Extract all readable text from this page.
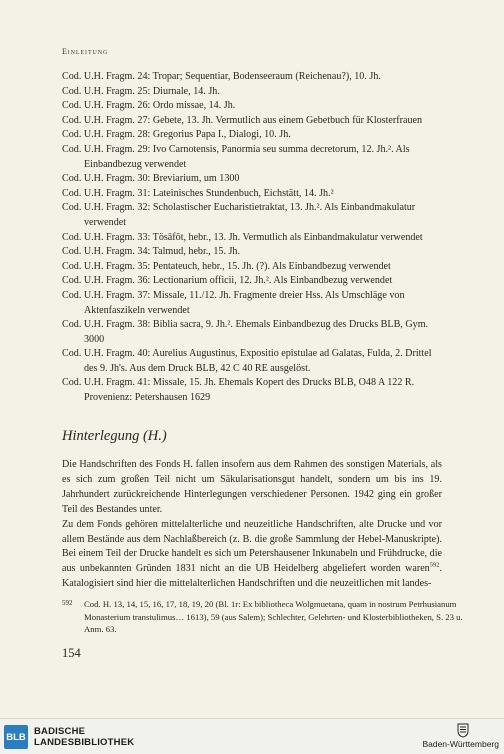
Einleitung

Cod. U.H. Fragm. 24: Tropar; Sequentiar, Bodenseeraum (Reichenau?), 10. Jh.

Cod. U.H. Fragm. 25: Diurnale, 14. Jh.

Cod. U.H. Fragm. 26: Ordo missae, 14. Jh.

Cod. U.H. Fragm. 27: Gebete, 13. Jh. Vermutlich aus einem Gebetbuch für Klosterfrauen

Cod. U.H. Fragm. 28: Gregorius Papa I., Dialogi, 10. Jh.

Cod. U.H. Fragm. 29: Ivo Carnotensis, Panormia seu summa decretorum, 12. Jh.². Als Einbandbezug verwendet

Cod. U.H. Fragm. 30: Breviarium, um 1300

Cod. U.H. Fragm. 31: Lateinisches Stundenbuch, Eichstätt, 14. Jh.²

Cod. U.H. Fragm. 32: Scholastischer Eucharistietraktat, 13. Jh.². Als Einbandmakulatur verwendet

Cod. U.H. Fragm. 33: Tösāfōt, hebr., 13. Jh. Vermutlich als Einbandmakulatur verwendet

Cod. U.H. Fragm. 34: Talmud, hebr., 15. Jh.

Cod. U.H. Fragm. 35: Pentateuch, hebr., 15. Jh. (?). Als Einbandbezug verwendet

Cod. U.H. Fragm. 36: Lectionarium officii, 12. Jh.². Als Einbandbezug verwendet

Cod. U.H. Fragm. 37: Missale, 11./12. Jh. Fragmente dreier Hss. Als Umschläge von Aktenfaszikeln verwendet

Cod. U.H. Fragm. 38: Biblia sacra, 9. Jh.². Ehemals Einbandbezug des Drucks BLB, Gym. 3000

Cod. U.H. Fragm. 40: Aurelius Augustinus, Expositio epistulae ad Galatas, Fulda, 2. Drittel des 9. Jh's. Aus dem Druck BLB, 42 C 40 RE ausgelöst.

Cod. U.H. Fragm. 41: Missale, 15. Jh. Ehemals Kopert des Drucks BLB, O48 A 122 R. Provenienz: Petershausen 1629

Hinterlegung (H.)

Die Handschriften des Fonds H. fallen insofern aus dem Rahmen des sonstigen Materials, als es sich zum großen Teil nicht um Säkularisationsgut handelt, sondern um bis ins 19. Jahrhundert zurückreichende Hinterlegungen verschiedener Personen. 1942 ging ein großer Teil des Bestandes unter.

Zu dem Fonds gehören mittelalterliche und neuzeitliche Handschriften, alte Drucke und vor allem Bestände aus dem Nachlaßbereich (z. B. die große Sammlung der Hebel-Manuskripte). Bei einem Teil der Drucke handelt es sich um Petershausener Inkunabeln und Frühdrucke, die aus unbekannten Gründen 1831 nicht an die UB Heidelberg abgeliefert worden waren$^{592}$. Katalogisiert sind hier die mittelalterlichen Handschriften und die neuzeitlichen mit landes-

592 Cod. H. 13, 14, 15, 16, 17, 18, 19, 20 (Bl. 1r: Ex bibliotheca Wolgmuetana, quam in nostrum Petrhusianum Monasterium transtulimus… 1613), 59 (aus Salem); Schlechter, Gelehrten- und Klosterbibliotheken, S. 23 u. Anm. 63.
154
BLB BADISCHE
LANDESBIBLIOTHEK	Baden-Württemberg
